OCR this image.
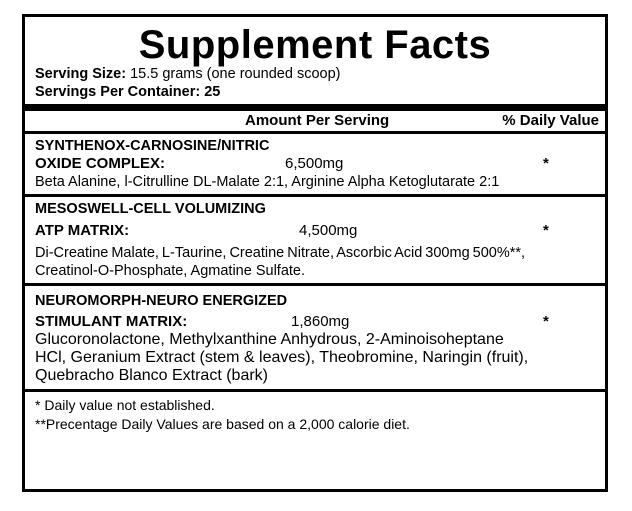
Supplement Facts
Serving Size: 15.5 grams (one rounded scoop)
Servings Per Container: 25
Amount Per Serving	% Daily Value
SYNTHENOX-CARNOSINE/NITRIC
OXIDE COMPLEX:	6,500mg	*
Beta Alanine, l-Citrulline DL-Malate 2:1, Arginine Alpha Ketoglutarate 2:1
MESOSWELL-CELL VOLUMIZING
ATP MATRIX:	4,500mg	*
Di-Creatine Malate, L-Taurine, Creatine Nitrate, Ascorbic Acid 300mg 500%**,
Creatinol-O-Phosphate, Agmatine Sulfate.
NEUROMORPH-NEURO ENERGIZED
STIMULANT MATRIX:	1,860mg	*
Glucoronolactone, Methylxanthine Anhydrous, 2-Aminoisoheptane
HCl, Geranium Extract (stem & leaves), Theobromine, Naringin (fruit),
Quebracho Blanco Extract (bark)
* Daily value not established.
**Precentage Daily Values are based on a 2,000 calorie diet.
